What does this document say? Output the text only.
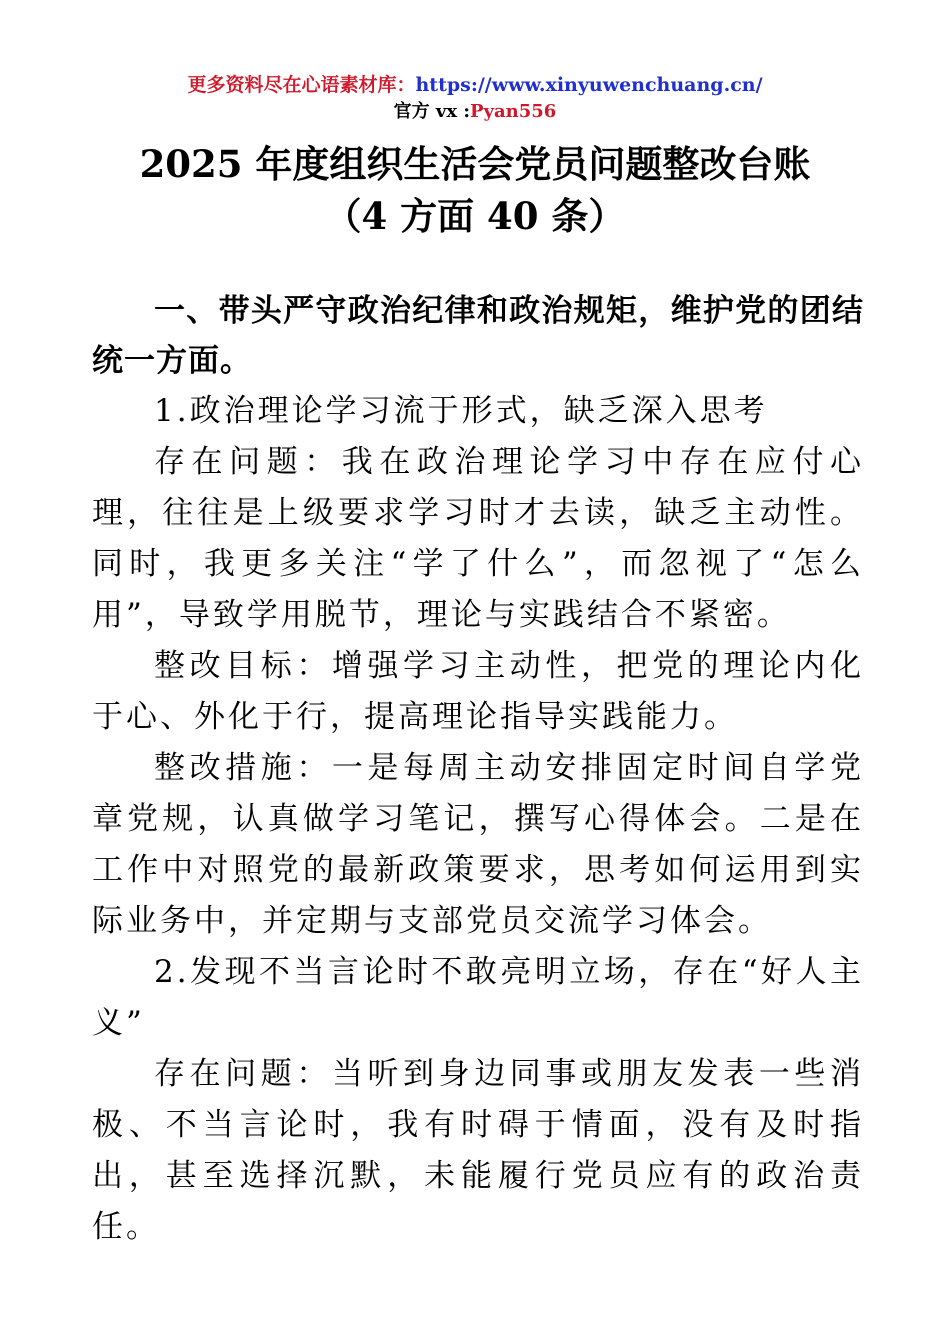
更多资料尽在心语素材库：https://www.xinyuwenchuang.cn/
官方 vx :Pyan556
2025 年度组织生活会党员问题整改台账
（4 方面 40 条）

一、带头严守政治纪律和政治规矩，维护党的团结统一方面。

1.政治理论学习流于形式，缺乏深入思考

存在问题：我在政治理论学习中存在应付心理，往往是上级要求学习时才去读，缺乏主动性。同时，我更多关注“学了什么”，而忽视了“怎么用”，导致学用脱节，理论与实践结合不紧密。

整改目标：增强学习主动性，把党的理论内化于心、外化于行，提高理论指导实践能力。

整改措施：一是每周主动安排固定时间自学党章党规，认真做学习笔记，撰写心得体会。二是在工作中对照党的最新政策要求，思考如何运用到实际业务中，并定期与支部党员交流学习体会。

2.发现不当言论时不敢亮明立场，存在“好人主义”

存在问题：当听到身边同事或朋友发表一些消极、不当言论时，我有时碍于情面，没有及时指出，甚至选择沉默，未能履行党员应有的政治责任。
